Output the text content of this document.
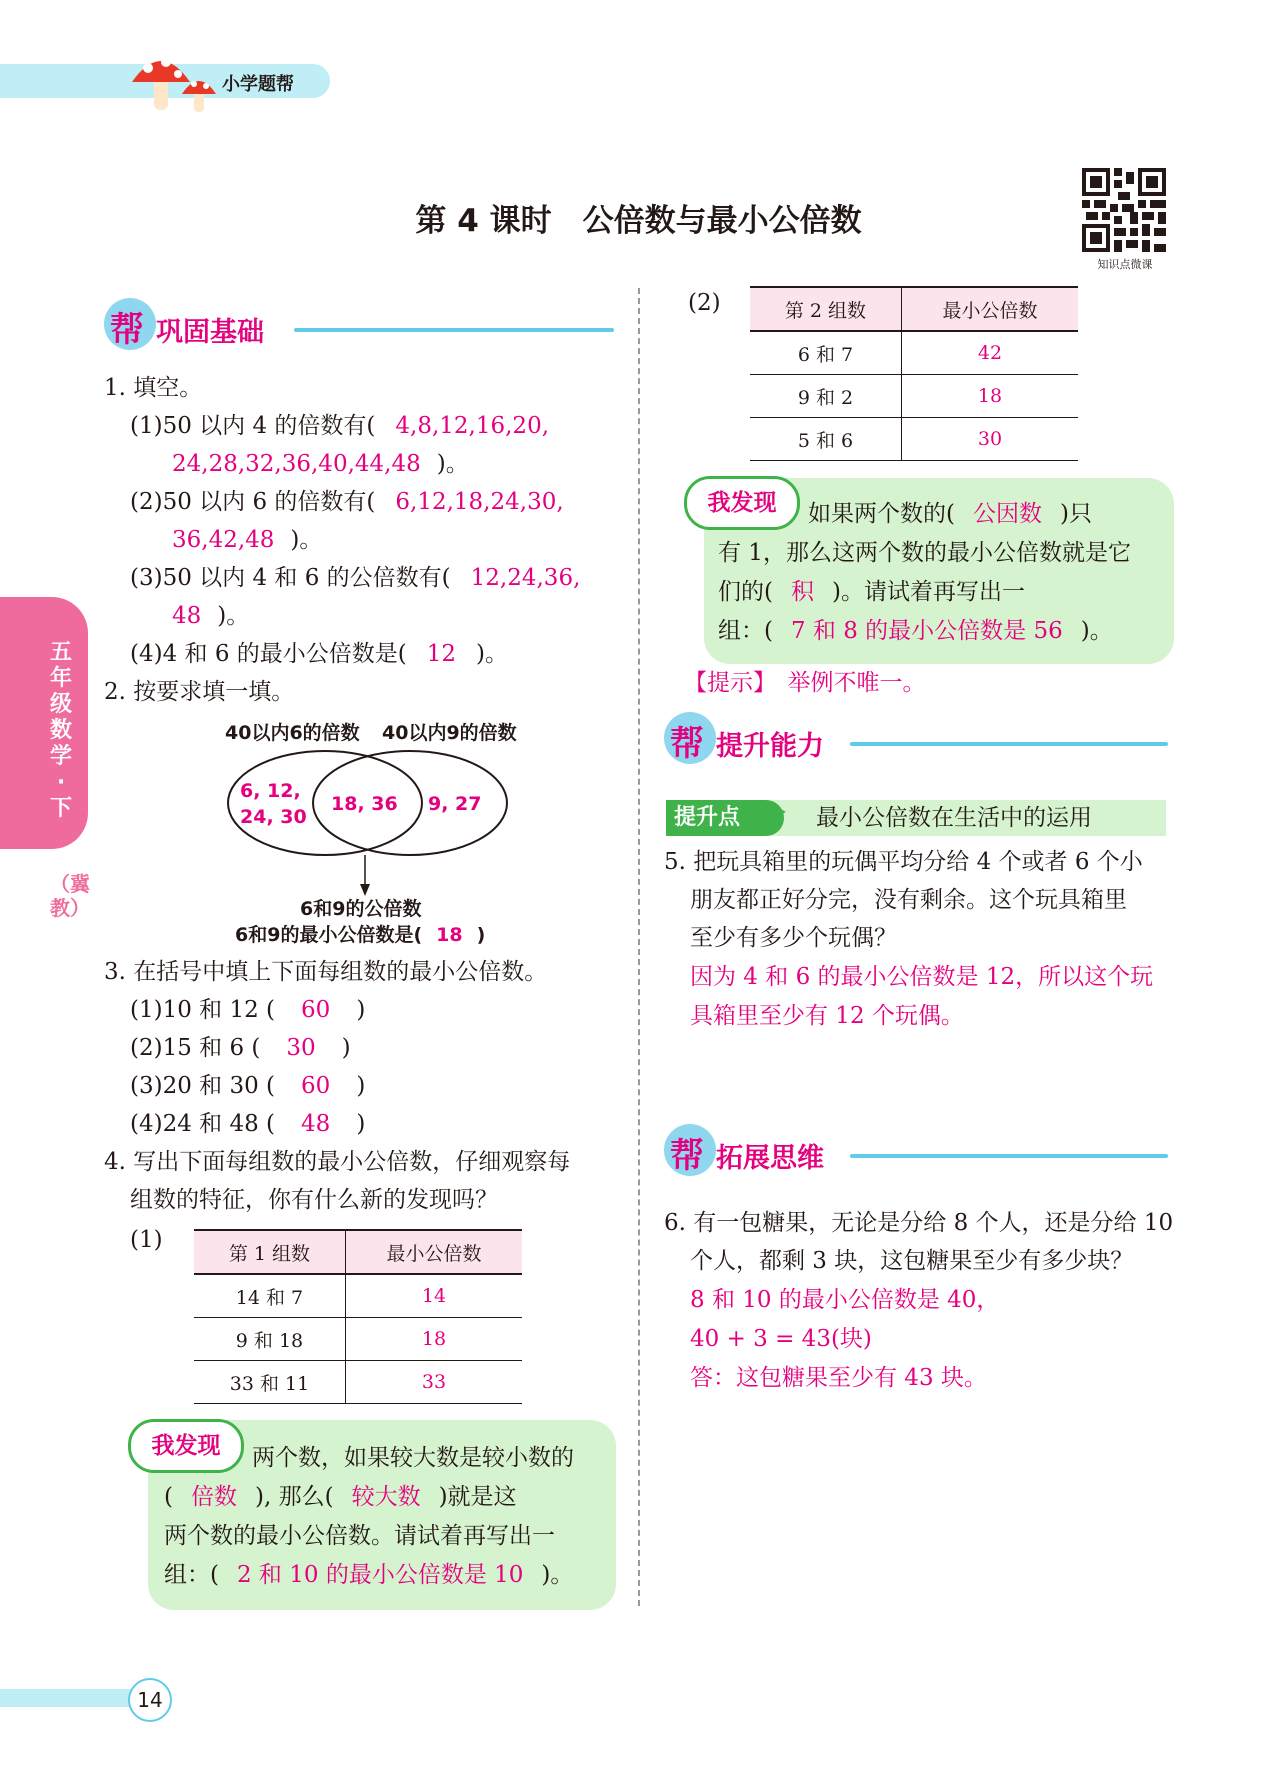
小学题帮
第 4 课时　公倍数与最小公倍数
知识点微课
五年级数学·下
（冀教）
帮 巩固基础
1. 填空。
(1)50 以内 4 的倍数有( 4,8,12,16,20,
24,28,32,36,40,44,48 )。
(2)50 以内 6 的倍数有( 6,12,18,24,30,
36,42,48 )。
(3)50 以内 4 和 6 的公倍数有( 12,24,36,
48 )。
(4)4 和 6 的最小公倍数是( 12 )。
2. 按要求填一填。
40以内6的倍数 40以内9的倍数
6, 12,
24, 30
18, 36 9, 27
6和9的公倍数
6和9的最小公倍数是( 18 )
3. 在括号中填上下面每组数的最小公倍数。
(1)10 和 12 ( 60 )
(2)15 和 6 ( 30 )
(3)20 和 30 ( 60 )
(4)24 和 48 ( 48 )
4. 写出下面每组数的最小公倍数，仔细观察每
组数的特征，你有什么新的发现吗？
(1)
第 1 组数	最小公倍数
14 和 7	14
9 和 18	18
33 和 11	33
我发现	两个数，如果较大数是较小数的
( 倍数 ), 那么( 较大数 )就是这
两个数的最小公倍数。请试着再写出一
组：( 2 和 10 的最小公倍数是 10 )。
(2)	第 2 组数	最小公倍数
6 和 7	42
9 和 2	18
5 和 6	30
我发现	如果两个数的( 公因数 )只
有 1，那么这两个数的最小公倍数就是它
们的( 积 )。请试着再写出一
组：( 7 和 8 的最小公倍数是 56 )。
【提示】　举例不唯一。
帮 提升能力
提升点	最小公倍数在生活中的运用
5. 把玩具箱里的玩偶平均分给 4 个或者 6 个小
朋友都正好分完，没有剩余。这个玩具箱里
至少有多少个玩偶？
因为 4 和 6 的最小公倍数是 12，所以这个玩
具箱里至少有 12 个玩偶。
帮 拓展思维
6. 有一包糖果，无论是分给 8 个人，还是分给 10
个人，都剩 3 块，这包糖果至少有多少块？
8 和 10 的最小公倍数是 40，
40 + 3 = 43(块)
答：这包糖果至少有 43 块。
14
